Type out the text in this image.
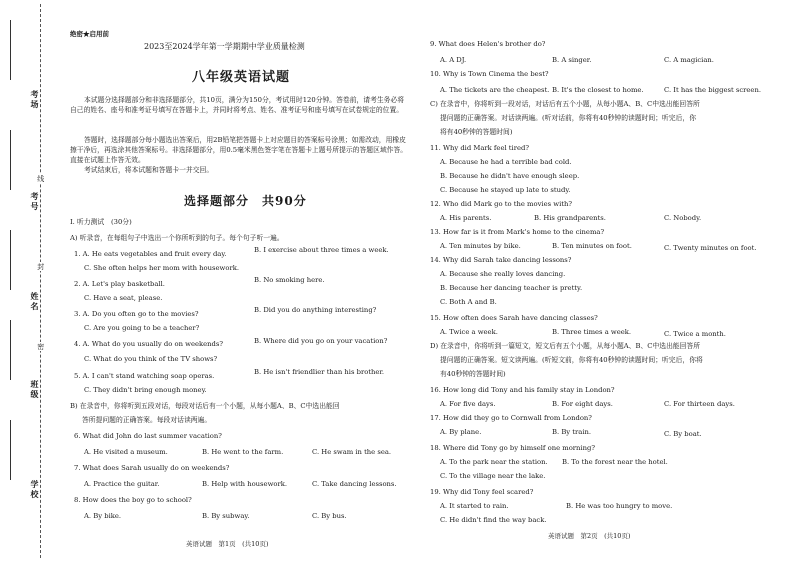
考场
考号
线
封
姓名
密
班级
学校
绝密★启用前
2023至2024学年第一学期期中学业质量检测
八年级英语试题
本试题分选择题部分和非选择题部分，共10页，满分为150分，考试用时120分钟。答卷前，请考生务必将自己的姓名、座号和准考证号填写在答题卡上，并同时将考点、姓名、准考证号和座号填写在试卷规定的位置。
答题时，选择题部分每小题选出答案后，用2B铅笔把答题卡上对应题目的答案标号涂黑；如需改动，用橡皮擦干净后，再选涂其他答案标号。非选择题部分，用0.5毫米黑色签字笔在答题卡上题号所提示的答题区域作答。直接在试题上作答无效。
考试结束后，将本试题和答题卡一并交回。
选择题部分　共90分
I. 听力测试　(30分)
A) 听录音，在每组句子中选出一个你所听到的句子。每个句子听一遍。
1. A. He eats vegetables and fruit every day.	B. I exercise about three times a week.
C. She often helps her mom with housework.
2. A. Let's play basketball.	B. No smoking here.
C. Have a seat, please.
3. A. Do you often go to the movies?	B. Did you do anything interesting?
C. Are you going to be a teacher?
4. A. What do you usually do on weekends?	B. Where did you go on your vacation?
C. What do you think of the TV shows?
5. A. I can't stand watching soap operas.	B. He isn't friendlier than his brother.
C. They didn't bring enough money.
B) 在录音中，你将听到五段对话，每段对话后有一个小题，从每小题A、B、C中选出能回
答所提问题的正确答案。每段对话读两遍。
6. What did John do last summer vacation?
A. He visited a museum.	B. He went to the farm.	C. He swam in the sea.
7. What does Sarah usually do on weekends?
A. Practice the guitar.	B. Help with housework.	C. Take dancing lessons.
8. How does the boy go to school?
A. By bike.	B. By subway.	C. By bus.
英语试题　第1页　(共10页)
9. What does Helen's brother do?
A. A DJ.	B. A singer.	C. A magician.
10. Why is Town Cinema the best?
A. The tickets are the cheapest. B. It's the closest to home.	C. It has the biggest screen.
C) 在录音中，你将听到一段对话，对话后有五个小题，从每小题A、B、C中选出能回答所
提问题的正确答案。对话读两遍。(听对话前，你将有40秒钟的读题时间；听完后，你
将有40秒钟的答题时间)
11. Why did Mark feel tired?
A. Because he had a terrible bad cold.
B. Because he didn't have enough sleep.
C. Because he stayed up late to study.
12. Who did Mark go to the movies with?
A. His parents.	B. His grandparents.	C. Nobody.
13. How far is it from Mark's home to the cinema?
A. Ten minutes by bike.	B. Ten minutes on foot.	C. Twenty minutes on foot.
14. Why did Sarah take dancing lessons?
A. Because she really loves dancing.
B. Because her dancing teacher is pretty.
C. Both A and B.
15. How often does Sarah have dancing classes?
A. Twice a week.	B. Three times a week.	C. Twice a month.
D) 在录音中，你将听到一篇短文，短文后有五个小题，从每小题A、B、C中选出能回答所
提问题的正确答案。短文读两遍。(听短文前，你将有40秒钟的读题时间；听完后，你将
有40秒钟的答题时间)
16. How long did Tony and his family stay in London?
A. For five days.	B. For eight days.	C. For thirteen days.
17. How did they go to Cornwall from London?
A. By plane.	B. By train.	C. By boat.
18. Where did Tony go by himself one morning?
A. To the park near the station. B. To the forest near the hotel.
C. To the village near the lake.
19. Why did Tony feel scared?
A. It started to rain.	B. He was too hungry to move.
C. He didn't find the way back.
英语试题　第2页　(共10页)
